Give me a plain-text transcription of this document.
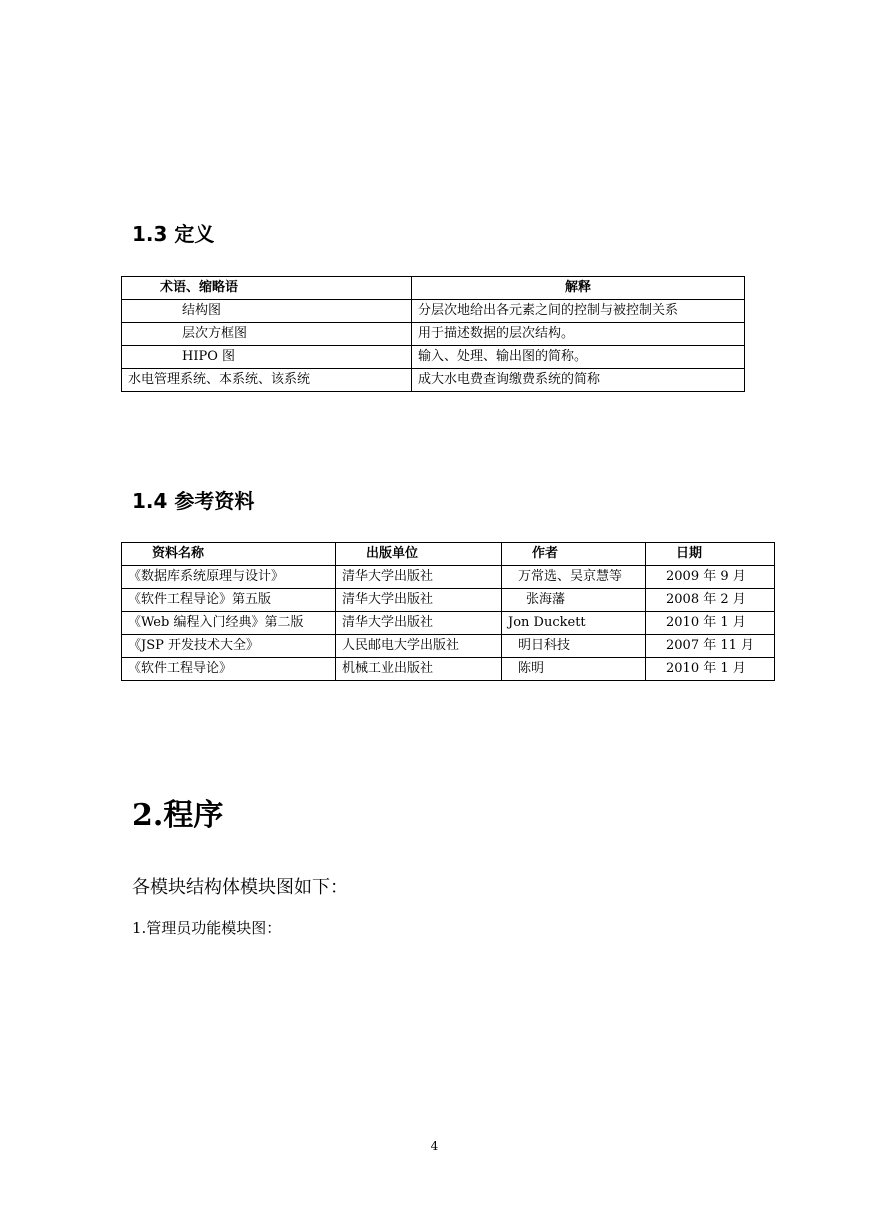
1.3 定义
术语、缩略语	解释
结构图	分层次地给出各元素之间的控制与被控制关系
层次方框图	用于描述数据的层次结构。
HIPO 图	输入、处理、输出图的简称。
水电管理系统、本系统、该系统	成大水电费查询缴费系统的简称
1.4 参考资料
资料名称	出版单位	作者	日期
《数据库系统原理与设计》	清华大学出版社	万常选、吴京慧等	2009 年 9 月
《软件工程导论》第五版	清华大学出版社	张海藩	2008 年 2 月
《Web 编程入门经典》第二版	清华大学出版社	Jon Duckett	2010 年 1 月
《JSP 开发技术大全》	人民邮电大学出版社	明日科技	2007 年 11 月
《软件工程导论》	机械工业出版社	陈明	2010 年 1 月
2.程序

各模块结构体模块图如下：

1.管理员功能模块图：

4
